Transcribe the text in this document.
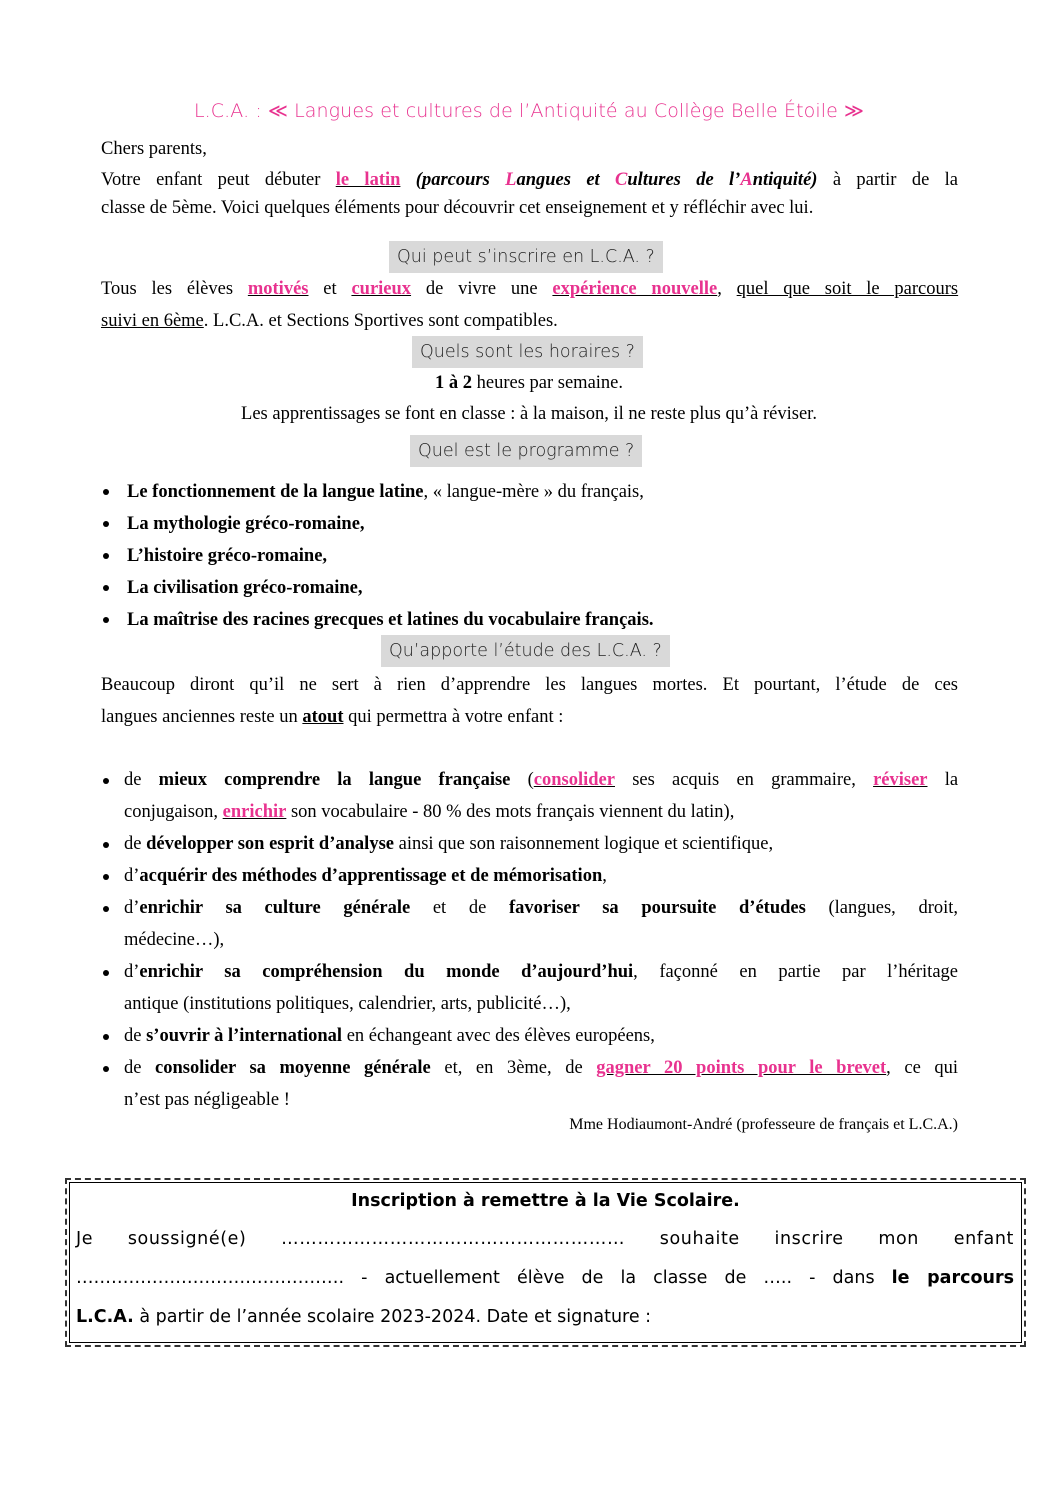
L.C.A. : ≪ Langues et cultures de l’Antiquité au Collège Belle Étoile ≫
Chers parents,
Votre enfant peut débuter le latin (parcours Langues et Cultures de l’Antiquité) à partir de la
classe de 5ème. Voici quelques éléments pour découvrir cet enseignement et y réfléchir avec lui.
Qui peut s’inscrire en L.C.A. ?
Tous les élèves motivés et curieux de vivre une expérience nouvelle, quel que soit le parcours
suivi en 6ème. L.C.A. et Sections Sportives sont compatibles.
Quels sont les horaires ?
1 à 2 heures par semaine.
Les apprentissages se font en classe : à la maison, il ne reste plus qu’à réviser.
Quel est le programme ?
Le fonctionnement de la langue latine, « langue-mère » du français,
La mythologie gréco-romaine,
L’histoire gréco-romaine,
La civilisation gréco-romaine,
La maîtrise des racines grecques et latines du vocabulaire français.
Qu’apporte l’étude des L.C.A. ?
Beaucoup diront qu’il ne sert à rien d’apprendre les langues mortes. Et pourtant, l’étude de ces
langues anciennes reste un atout qui permettra à votre enfant :
de mieux comprendre la langue française (consolider ses acquis en grammaire, réviser la
conjugaison, enrichir son vocabulaire - 80 % des mots français viennent du latin),
de développer son esprit d’analyse ainsi que son raisonnement logique et scientifique,
d’acquérir des méthodes d’apprentissage et de mémorisation,
d’enrichir sa culture générale et de favoriser sa poursuite d’études (langues, droit,
médecine…),
d’enrichir sa compréhension du monde d’aujourd’hui, façonné en partie par l’héritage
antique (institutions politiques, calendrier, arts, publicité…),
de s’ouvrir à l’international en échangeant avec des élèves européens,
de consolider sa moyenne générale et, en 3ème, de gagner 20 points pour le brevet, ce qui
n’est pas négligeable !
Mme Hodiaumont-André (professeure de français et L.C.A.)
Inscription à remettre à la Vie Scolaire.
Je soussigné(e) ………………………………………………… souhaite inscrire mon enfant
………………………………………. - actuellement élève de la classe de ….. - dans le parcours
L.C.A. à partir de l’année scolaire 2023-2024. Date et signature :
